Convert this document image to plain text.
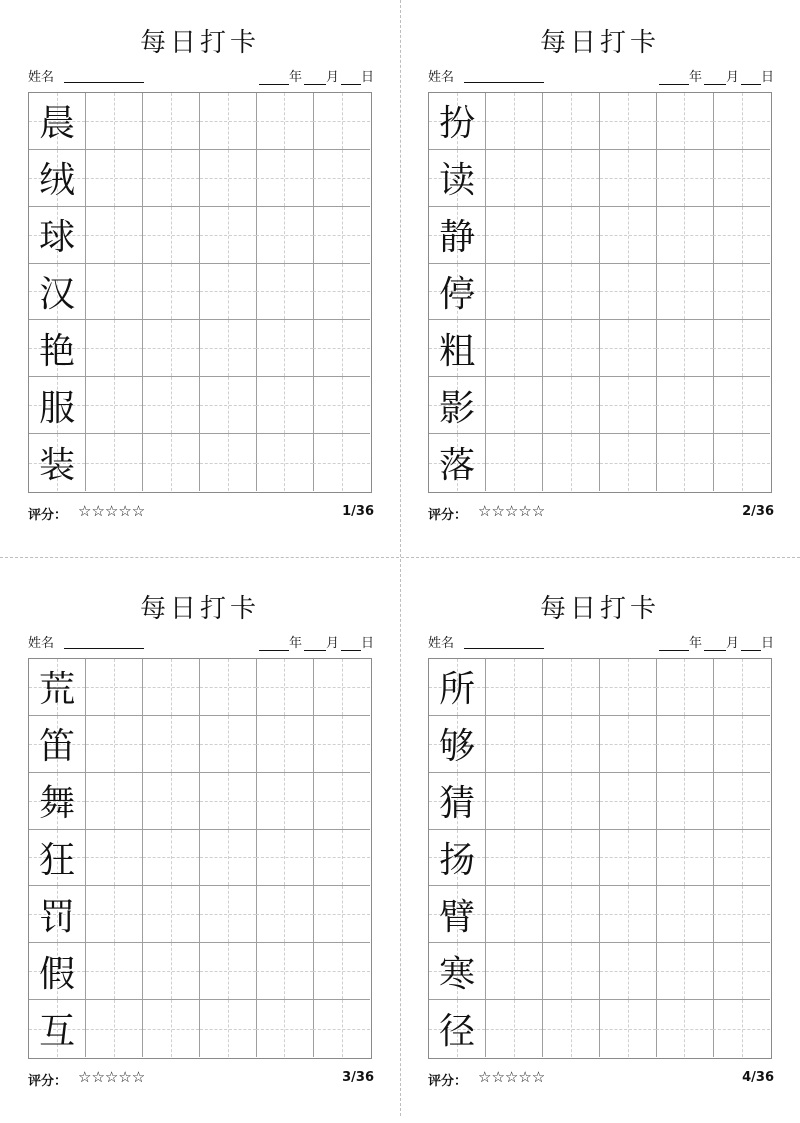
每日打卡
姓名	年 月 日
晨
绒
球
汉
艳
服
装
评分： ☆☆☆☆☆	1/36
每日打卡
姓名	年 月 日
扮
读
静
停
粗
影
落
评分： ☆☆☆☆☆	2/36
每日打卡
姓名	年 月 日
荒
笛
舞
狂
罚
假
互
评分： ☆☆☆☆☆	3/36
每日打卡
姓名	年 月 日
所
够
猜
扬
臂
寒
径
评分： ☆☆☆☆☆	4/36
